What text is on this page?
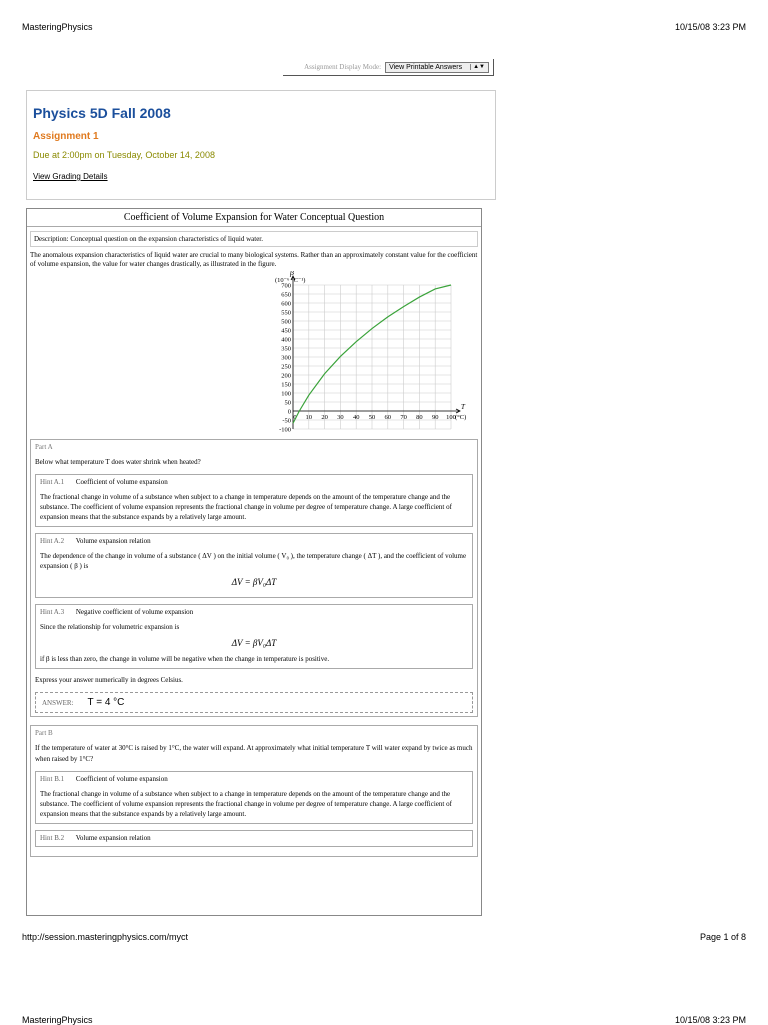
MasteringPhysics	10/15/08 3:23 PM
Assignment Display Mode: View Printable Answers	▲▼
Physics 5D Fall 2008
Assignment 1
Due at 2:00pm on Tuesday, October 14, 2008
View Grading Details
Coefficient of Volume Expansion for Water Conceptual Question
Description: Conceptual question on the expansion characteristics of liquid water.
The anomalous expansion characteristics of liquid water are crucial to many biological systems. Rather than an approximately constant value for the coefficient of volume expansion, the value for water changes drastically, as illustrated in the figure.
-100
-50
0
50
100
150
200
250
300
350
400
450
500
550
600
650
700
0 10 20 30 40 50 60 70 80 90 100
β
(10⁻⁶ °C⁻¹)
T
(°C)
Part A
Below what temperature T does water shrink when heated?
Hint A.1 Coefficient of volume expansion
The fractional change in volume of a substance when subject to a change in temperature depends on the amount of the temperature change and the substance. The coefficient of volume expansion represents the fractional change in volume per degree of temperature change. A large coefficient of expansion means that the substance expands by a relatively large amount.
Hint A.2 Volume expansion relation
The dependence of the change in volume of a substance ( ΔV ) on the initial volume ( V₀ ), the temperature change ( ΔT ), and the coefficient of volume expansion ( β ) is
ΔV = βV₀ΔT
Hint A.3 Negative coefficient of volume expansion
Since the relationship for volumetric expansion is
ΔV = βV₀ΔT
if β is less than zero, the change in volume will be negative when the change in temperature is positive.
Express your answer numerically in degrees Celsius.
ANSWER: T = 4 °C
Part B
If the temperature of water at 30°C is raised by 1°C, the water will expand. At approximately what initial temperature T will water expand by twice as much when raised by 1°C?
Hint B.1 Coefficient of volume expansion
The fractional change in volume of a substance when subject to a change in temperature depends on the amount of the temperature change and the substance. The coefficient of volume expansion represents the fractional change in volume per degree of temperature change. A large coefficient of expansion means that the substance expands by a relatively large amount.
Hint B.2 Volume expansion relation
http://session.masteringphysics.com/myct	Page 1 of 8
MasteringPhysics	10/15/08 3:23 PM
